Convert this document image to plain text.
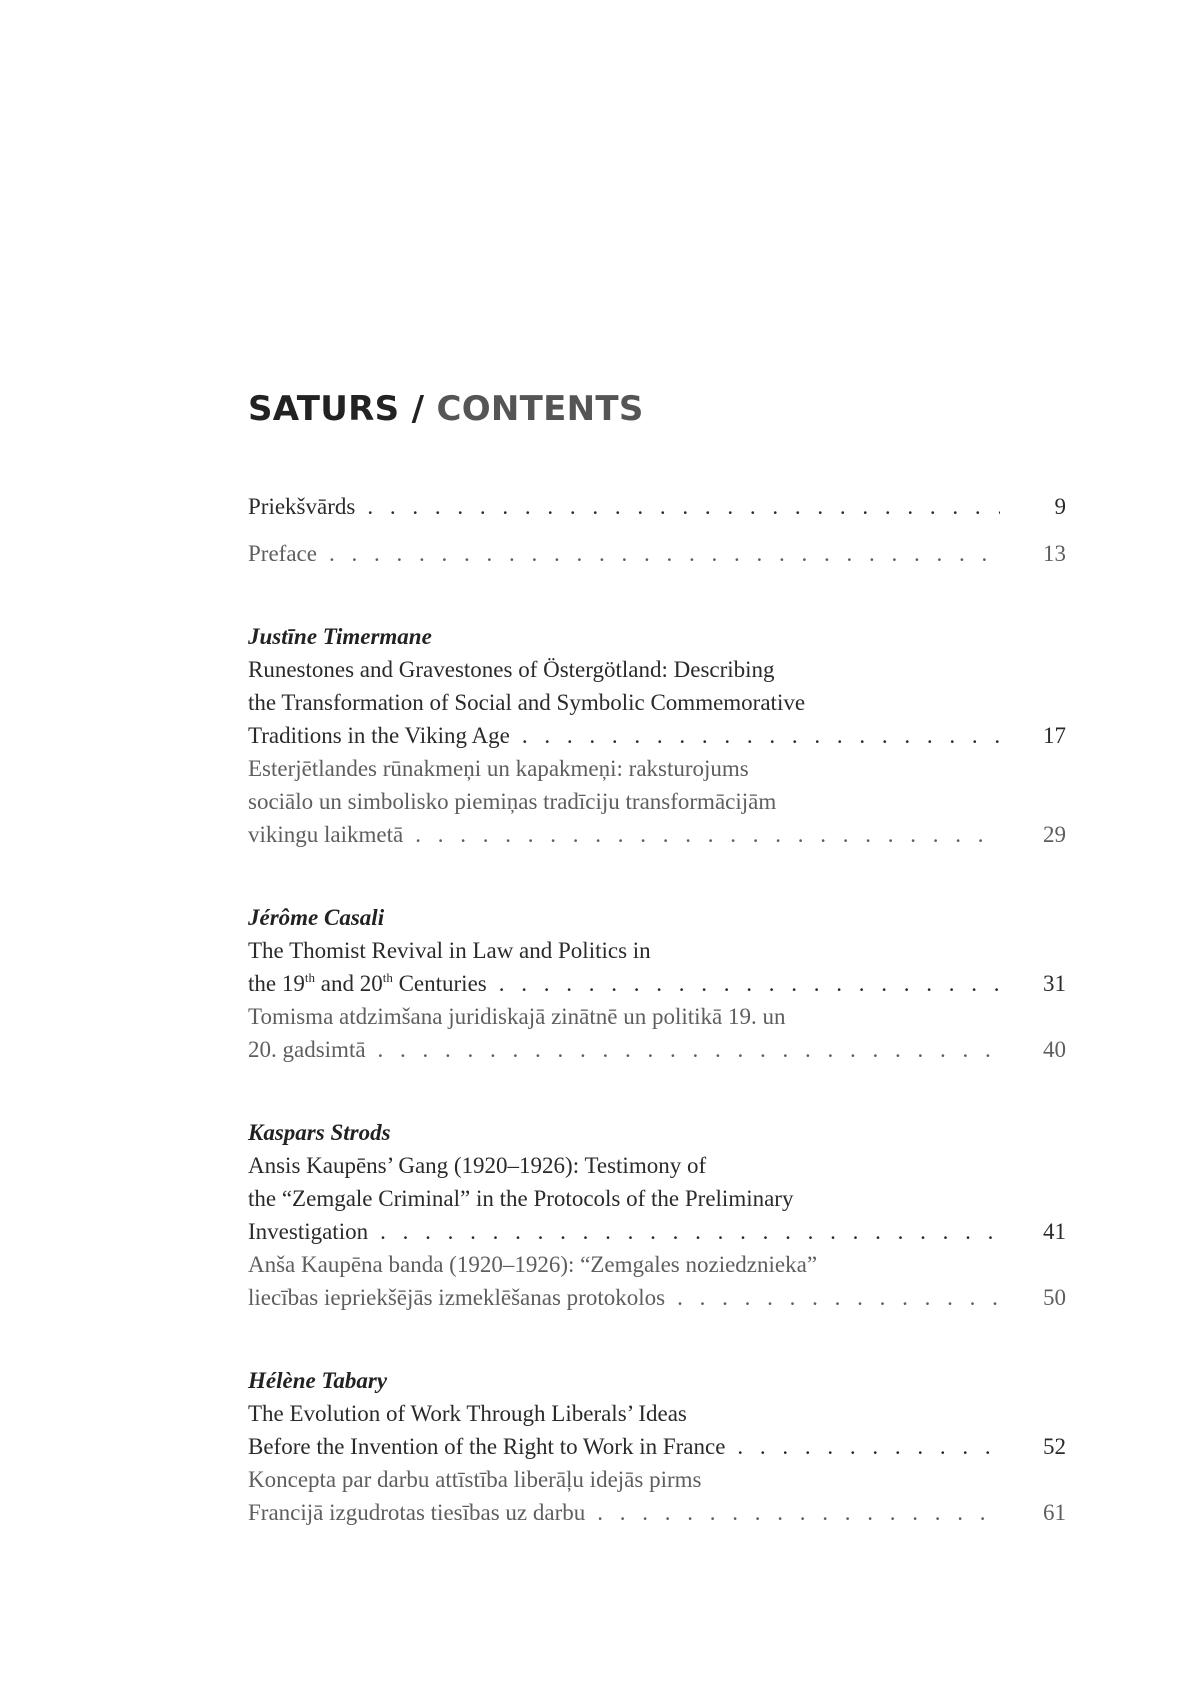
SATURS / CONTENTS
Priekšvārds . . .	9
Preface . . .	13
Justīne Timermane
Runestones and Gravestones of Östergötland: Describing
the Transformation of Social and Symbolic Commemorative
Traditions in the Viking Age . . .	17
Esterjētlandes rūnakmeņi un kapakmeņi: raksturojums
sociālo un simbolisko piemiņas tradīciju transformācijām
vikingu laikmetā . . .	29
Jérôme Casali
The Thomist Revival in Law and Politics in
the 19th and 20th Centuries . . .	31
Tomisma atdzimšana juridiskajā zinātnē un politikā 19. un
20. gadsimtā . . .	40
Kaspars Strods
Ansis Kaupēns’ Gang (1920–1926): Testimony of
the “Zemgale Criminal” in the Protocols of the Preliminary
Investigation . . .	41
Anša Kaupēna banda (1920–1926): “Zemgales noziedznieka”
liecības iepriekšējās izmeklēšanas protokolos . . .	50
Hélène Tabary
The Evolution of Work Through Liberals’ Ideas
Before the Invention of the Right to Work in France . . .	52
Koncepta par darbu attīstība liberāļu idejās pirms
Francijā izgudrotas tiesības uz darbu . . .	61
